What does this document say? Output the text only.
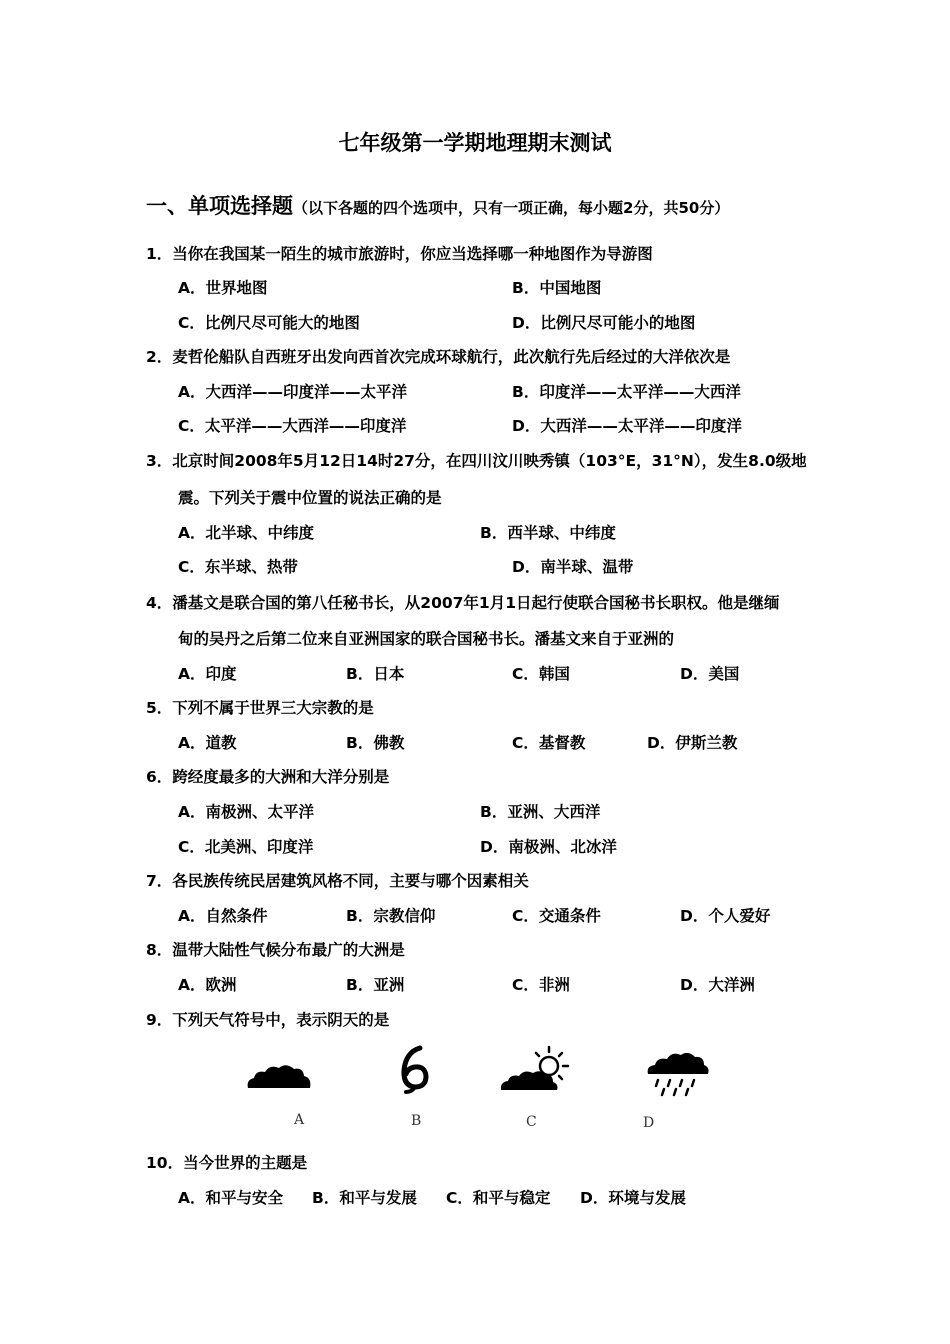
七年级第一学期地理期末测试
一、单项选择题（以下各题的四个选项中，只有一项正确，每小题2分，共50分）
1．当你在我国某一陌生的城市旅游时，你应当选择哪一种地图作为导游图
A．世界地图	B．中国地图
C．比例尺尽可能大的地图	D．比例尺尽可能小的地图
2．麦哲伦船队自西班牙出发向西首次完成环球航行，此次航行先后经过的大洋依次是
A．大西洋——印度洋——太平洋	B．印度洋——太平洋——大西洋
C．太平洋——大西洋——印度洋	D．大西洋——太平洋——印度洋
3．北京时间2008年5月12日14时27分，在四川汶川映秀镇（103°E，31°N），发生8.0级地
震。下列关于震中位置的说法正确的是
A．北半球、中纬度	B．西半球、中纬度
C．东半球、热带	D．南半球、温带
4．潘基文是联合国的第八任秘书长，从2007年1月1日起行使联合国秘书长职权。他是继缅
甸的吴丹之后第二位来自亚洲国家的联合国秘书长。潘基文来自于亚洲的
A．印度	B．日本	C．韩国	D．美国
5．下列不属于世界三大宗教的是
A．道教	B．佛教	C．基督教	D．伊斯兰教
6．跨经度最多的大洲和大洋分别是
A．南极洲、太平洋	B．亚洲、大西洋
C．北美洲、印度洋	D．南极洲、北冰洋
7．各民族传统民居建筑风格不同，主要与哪个因素相关
A．自然条件	B．宗教信仰	C．交通条件	D．个人爱好
8．温带大陆性气候分布最广的大洲是
A．欧洲	B．亚洲	C．非洲	D．大洋洲
9．下列天气符号中，表示阴天的是
A	B	C	D
10．当今世界的主题是
A．和平与安全 B．和平与发展 C．和平与稳定 D．环境与发展
